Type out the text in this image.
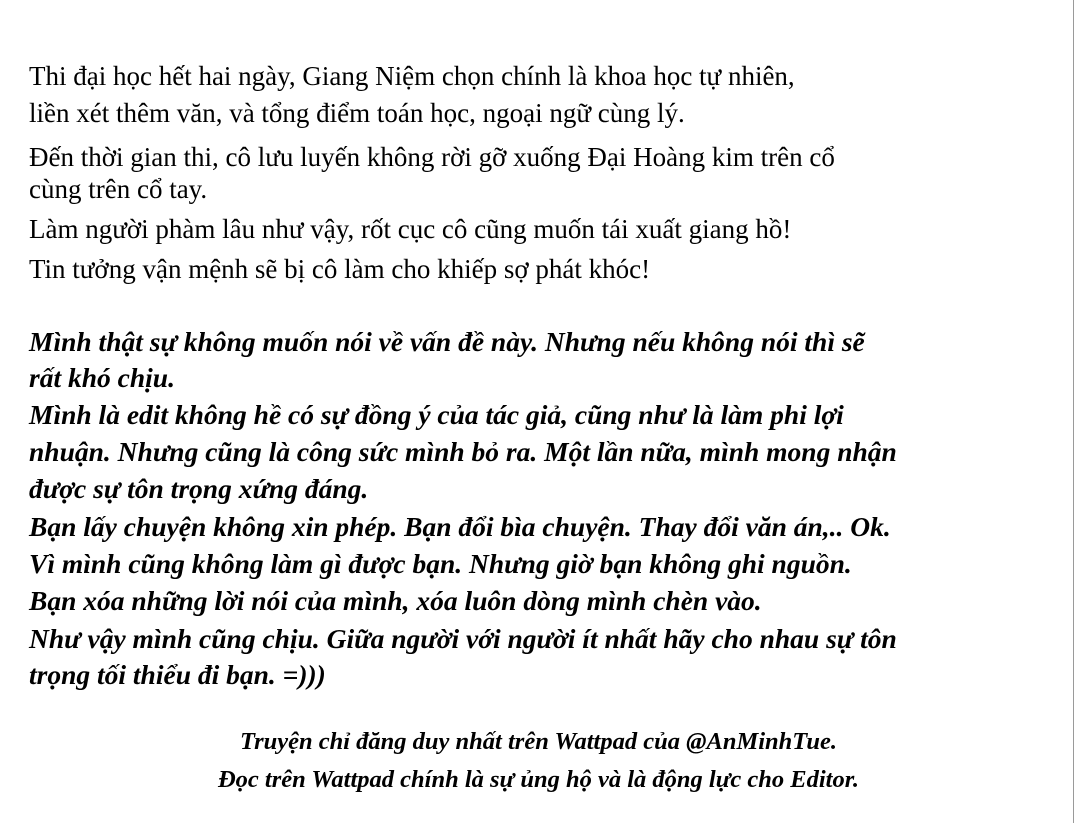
Thi đại học hết hai ngày, Giang Niệm chọn chính là khoa học tự nhiên,
liền xét thêm văn, và tổng điểm toán học, ngoại ngữ cùng lý.
Đến thời gian thi, cô lưu luyến không rời gỡ xuống Đại Hoàng kim trên cổ
cùng trên cổ tay.
Làm người phàm lâu như vậy, rốt cục cô cũng muốn tái xuất giang hồ!
Tin tưởng vận mệnh sẽ bị cô làm cho khiếp sợ phát khóc!
Mình thật sự không muốn nói về vấn đề này. Nhưng nếu không nói thì sẽ
rất khó chịu.
Mình là edit không hề có sự đồng ý của tác giả, cũng như là làm phi lợi
nhuận. Nhưng cũng là công sức mình bỏ ra. Một lần nữa, mình mong nhận
được sự tôn trọng xứng đáng.
Bạn lấy chuyện không xin phép. Bạn đổi bìa chuyện. Thay đổi văn án,.. Ok.
Vì mình cũng không làm gì được bạn. Nhưng giờ bạn không ghi nguồn.
Bạn xóa những lời nói của mình, xóa luôn dòng mình chèn vào.
Như vậy mình cũng chịu. Giữa người với người ít nhất hãy cho nhau sự tôn
trọng tối thiểu đi bạn. =)))
Truyện chỉ đăng duy nhất trên Wattpad của @AnMinhTue.
Đọc trên Wattpad chính là sự ủng hộ và là động lực cho Editor.
